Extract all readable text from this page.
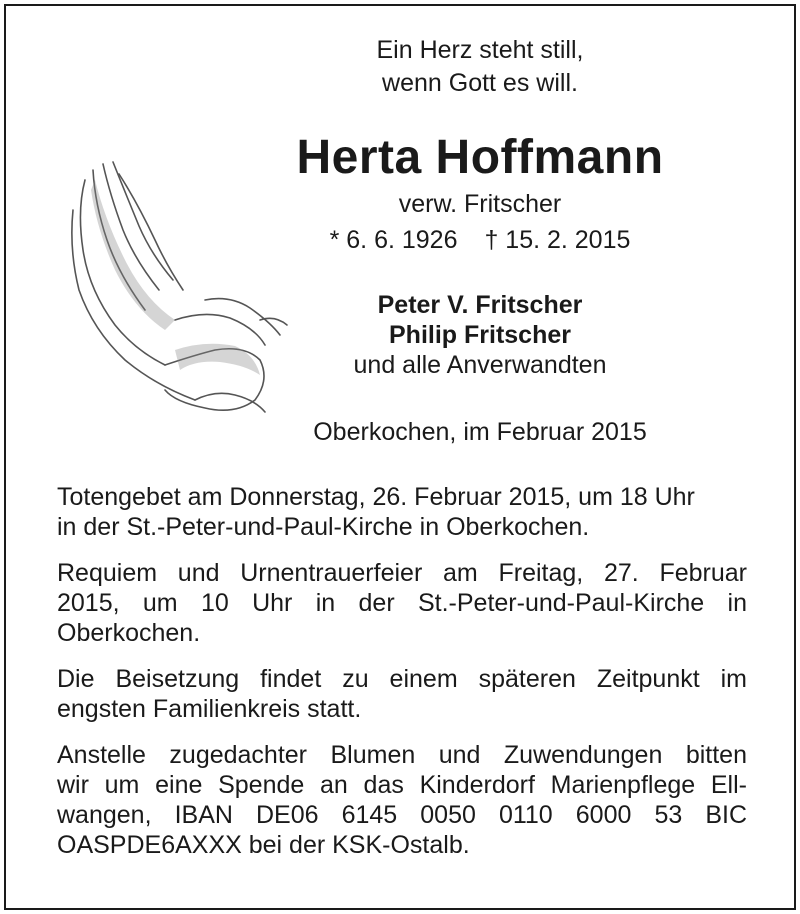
Ein Herz steht still,
wenn Gott es will.
Herta Hoffmann
verw. Fritscher
* 6. 6. 1926 † 15. 2. 2015
Peter V. Fritscher
Philip Fritscher
und alle Anverwandten
Oberkochen, im Februar 2015

Totengebet am Donnerstag, 26. Februar 2015, um 18 Uhr
in der St.-Peter-und-Paul-Kirche in Oberkochen.

Requiem und Urnentrauerfeier am Freitag, 27. Februar
2015, um 10 Uhr in der St.-Peter-und-Paul-Kirche in
Oberkochen.

Die Beisetzung findet zu einem späteren Zeitpunkt im
engsten Familienkreis statt.

Anstelle zugedachter Blumen und Zuwendungen bitten
wir um eine Spende an das Kinderdorf Marienpflege Ell-
wangen, IBAN DE06 6145 0050 0110 6000 53 BIC
OASPDE6AXXX bei der KSK-Ostalb.
